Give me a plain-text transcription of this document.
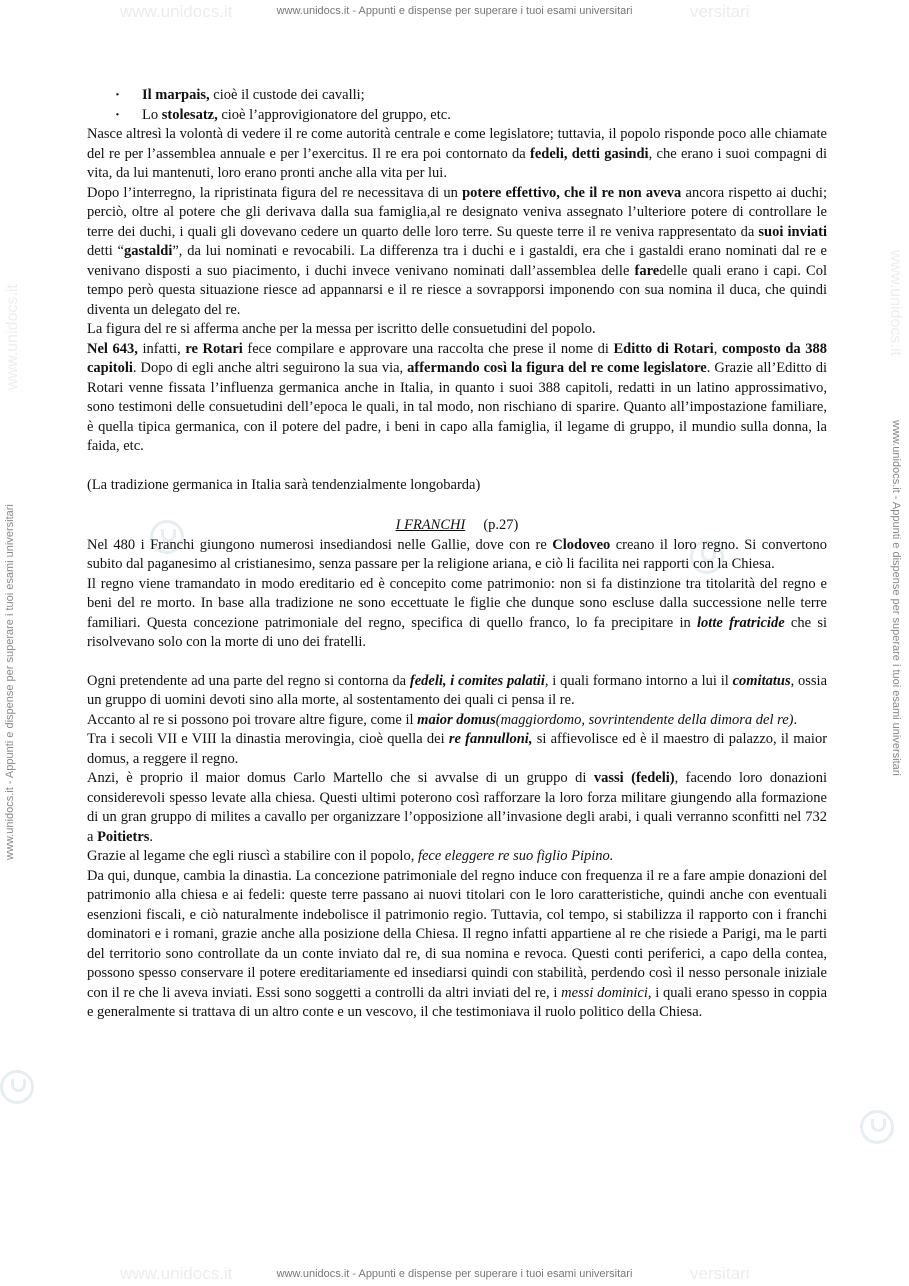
www.unidocs.it	versitari
www.unidocs.it - Appunti e dispense per superare i tuoi esami universitari
www.unidocs.it	versitari
www.unidocs.it - Appunti e dispense per superare i tuoi esami universitari
www.unidocs.it - Appunti e dispense per superare i tuoi esami universitari	www.unidocs.it - Appunti e dispense per superare i tuoi esami universitari
www.unidocs.it	www.unidocs.it
· Il marpais, cioè il custode dei cavalli;
· Lo stolesatz, cioè l’approvigionatore del gruppo, etc.

Nasce altresì la volontà di vedere il re come autorità centrale e come legislatore; tuttavia, il popolo risponde poco alle chiamate del re per l’assemblea annuale e per l’exercitus. Il re era poi contornato da fedeli, detti gasindi, che erano i suoi compagni di vita, da lui mantenuti, loro erano pronti anche alla vita per lui.

Dopo l’interregno, la ripristinata figura del re necessitava di un potere effettivo, che il re non aveva ancora rispetto ai duchi; perciò, oltre al potere che gli derivava dalla sua famiglia,al re designato veniva assegnato l’ulteriore potere di controllare le terre dei duchi, i quali gli dovevano cedere un quarto delle loro terre. Su queste terre il re veniva rappresentato da suoi inviati detti “gastaldi”, da lui nominati e revocabili. La differenza tra i duchi e i gastaldi, era che i gastaldi erano nominati dal re e venivano disposti a suo piacimento, i duchi invece venivano nominati dall’assemblea delle faredelle quali erano i capi. Col tempo però questa situazione riesce ad appannarsi e il re riesce a sovrapporsi imponendo con sua nomina il duca, che quindi diventa un delegato del re.

La figura del re si afferma anche per la messa per iscritto delle consuetudini del popolo.

Nel 643, infatti, re Rotari fece compilare e approvare una raccolta che prese il nome di Editto di Rotari, composto da 388 capitoli. Dopo di egli anche altri seguirono la sua via, affermando così la figura del re come legislatore. Grazie all’Editto di Rotari venne fissata l’influenza germanica anche in Italia, in quanto i suoi 388 capitoli, redatti in un latino approssimativo, sono testimoni delle consuetudini dell’epoca le quali, in tal modo, non rischiano di sparire. Quanto all’impostazione familiare, è quella tipica germanica, con il potere del padre, i beni in capo alla famiglia, il legame di gruppo, il mundio sulla donna, la faida, etc.

(La tradizione germanica in Italia sarà tendenzialmente longobarda)

I FRANCHI (p.27)

Nel 480 i Franchi giungono numerosi insediandosi nelle Gallie, dove con re Clodoveo creano il loro regno. Si convertono subito dal paganesimo al cristianesimo, senza passare per la religione ariana, e ciò li facilita nei rapporti con la Chiesa.

Il regno viene tramandato in modo ereditario ed è concepito come patrimonio: non si fa distinzione tra titolarità del regno e beni del re morto. In base alla tradizione ne sono eccettuate le figlie che dunque sono escluse dalla successione nelle terre familiari. Questa concezione patrimoniale del regno, specifica di quello franco, lo fa precipitare in lotte fratricide che si risolvevano solo con la morte di uno dei fratelli.

Ogni pretendente ad una parte del regno si contorna da fedeli, i comites palatii, i quali formano intorno a lui il comitatus, ossia un gruppo di uomini devoti sino alla morte, al sostentamento dei quali ci pensa il re.

Accanto al re si possono poi trovare altre figure, come il maior domus(maggiordomo, sovrintendente della dimora del re).

Tra i secoli VII e VIII la dinastia merovingia, cioè quella dei re fannulloni, si affievolisce ed è il maestro di palazzo, il maior domus, a reggere il regno.

Anzi, è proprio il maior domus Carlo Martello che si avvalse di un gruppo di vassi (fedeli), facendo loro donazioni considerevoli spesso levate alla chiesa. Questi ultimi poterono così rafforzare la loro forza militare giungendo alla formazione di un gran gruppo di milites a cavallo per organizzare l’opposizione all’invasione degli arabi, i quali verranno sconfitti nel 732 a Poitietrs.

Grazie al legame che egli riuscì a stabilire con il popolo, fece eleggere re suo figlio Pipino.

Da qui, dunque, cambia la dinastia. La concezione patrimoniale del regno induce con frequenza il re a fare ampie donazioni del patrimonio alla chiesa e ai fedeli: queste terre passano ai nuovi titolari con le loro caratteristiche, quindi anche con eventuali esenzioni fiscali, e ciò naturalmente indebolisce il patrimonio regio. Tuttavia, col tempo, si stabilizza il rapporto con i franchi dominatori e i romani, grazie anche alla posizione della Chiesa. Il regno infatti appartiene al re che risiede a Parigi, ma le parti del territorio sono controllate da un conte inviato dal re, di sua nomina e revoca. Questi conti periferici, a capo della contea, possono spesso conservare il potere ereditariamente ed insediarsi quindi con stabilità, perdendo così il nesso personale iniziale con il re che li aveva inviati. Essi sono soggetti a controlli da altri inviati del re, i messi dominici, i quali erano spesso in coppia e generalmente si trattava di un altro conte e un vescovo, il che testimoniava il ruolo politico della Chiesa.
